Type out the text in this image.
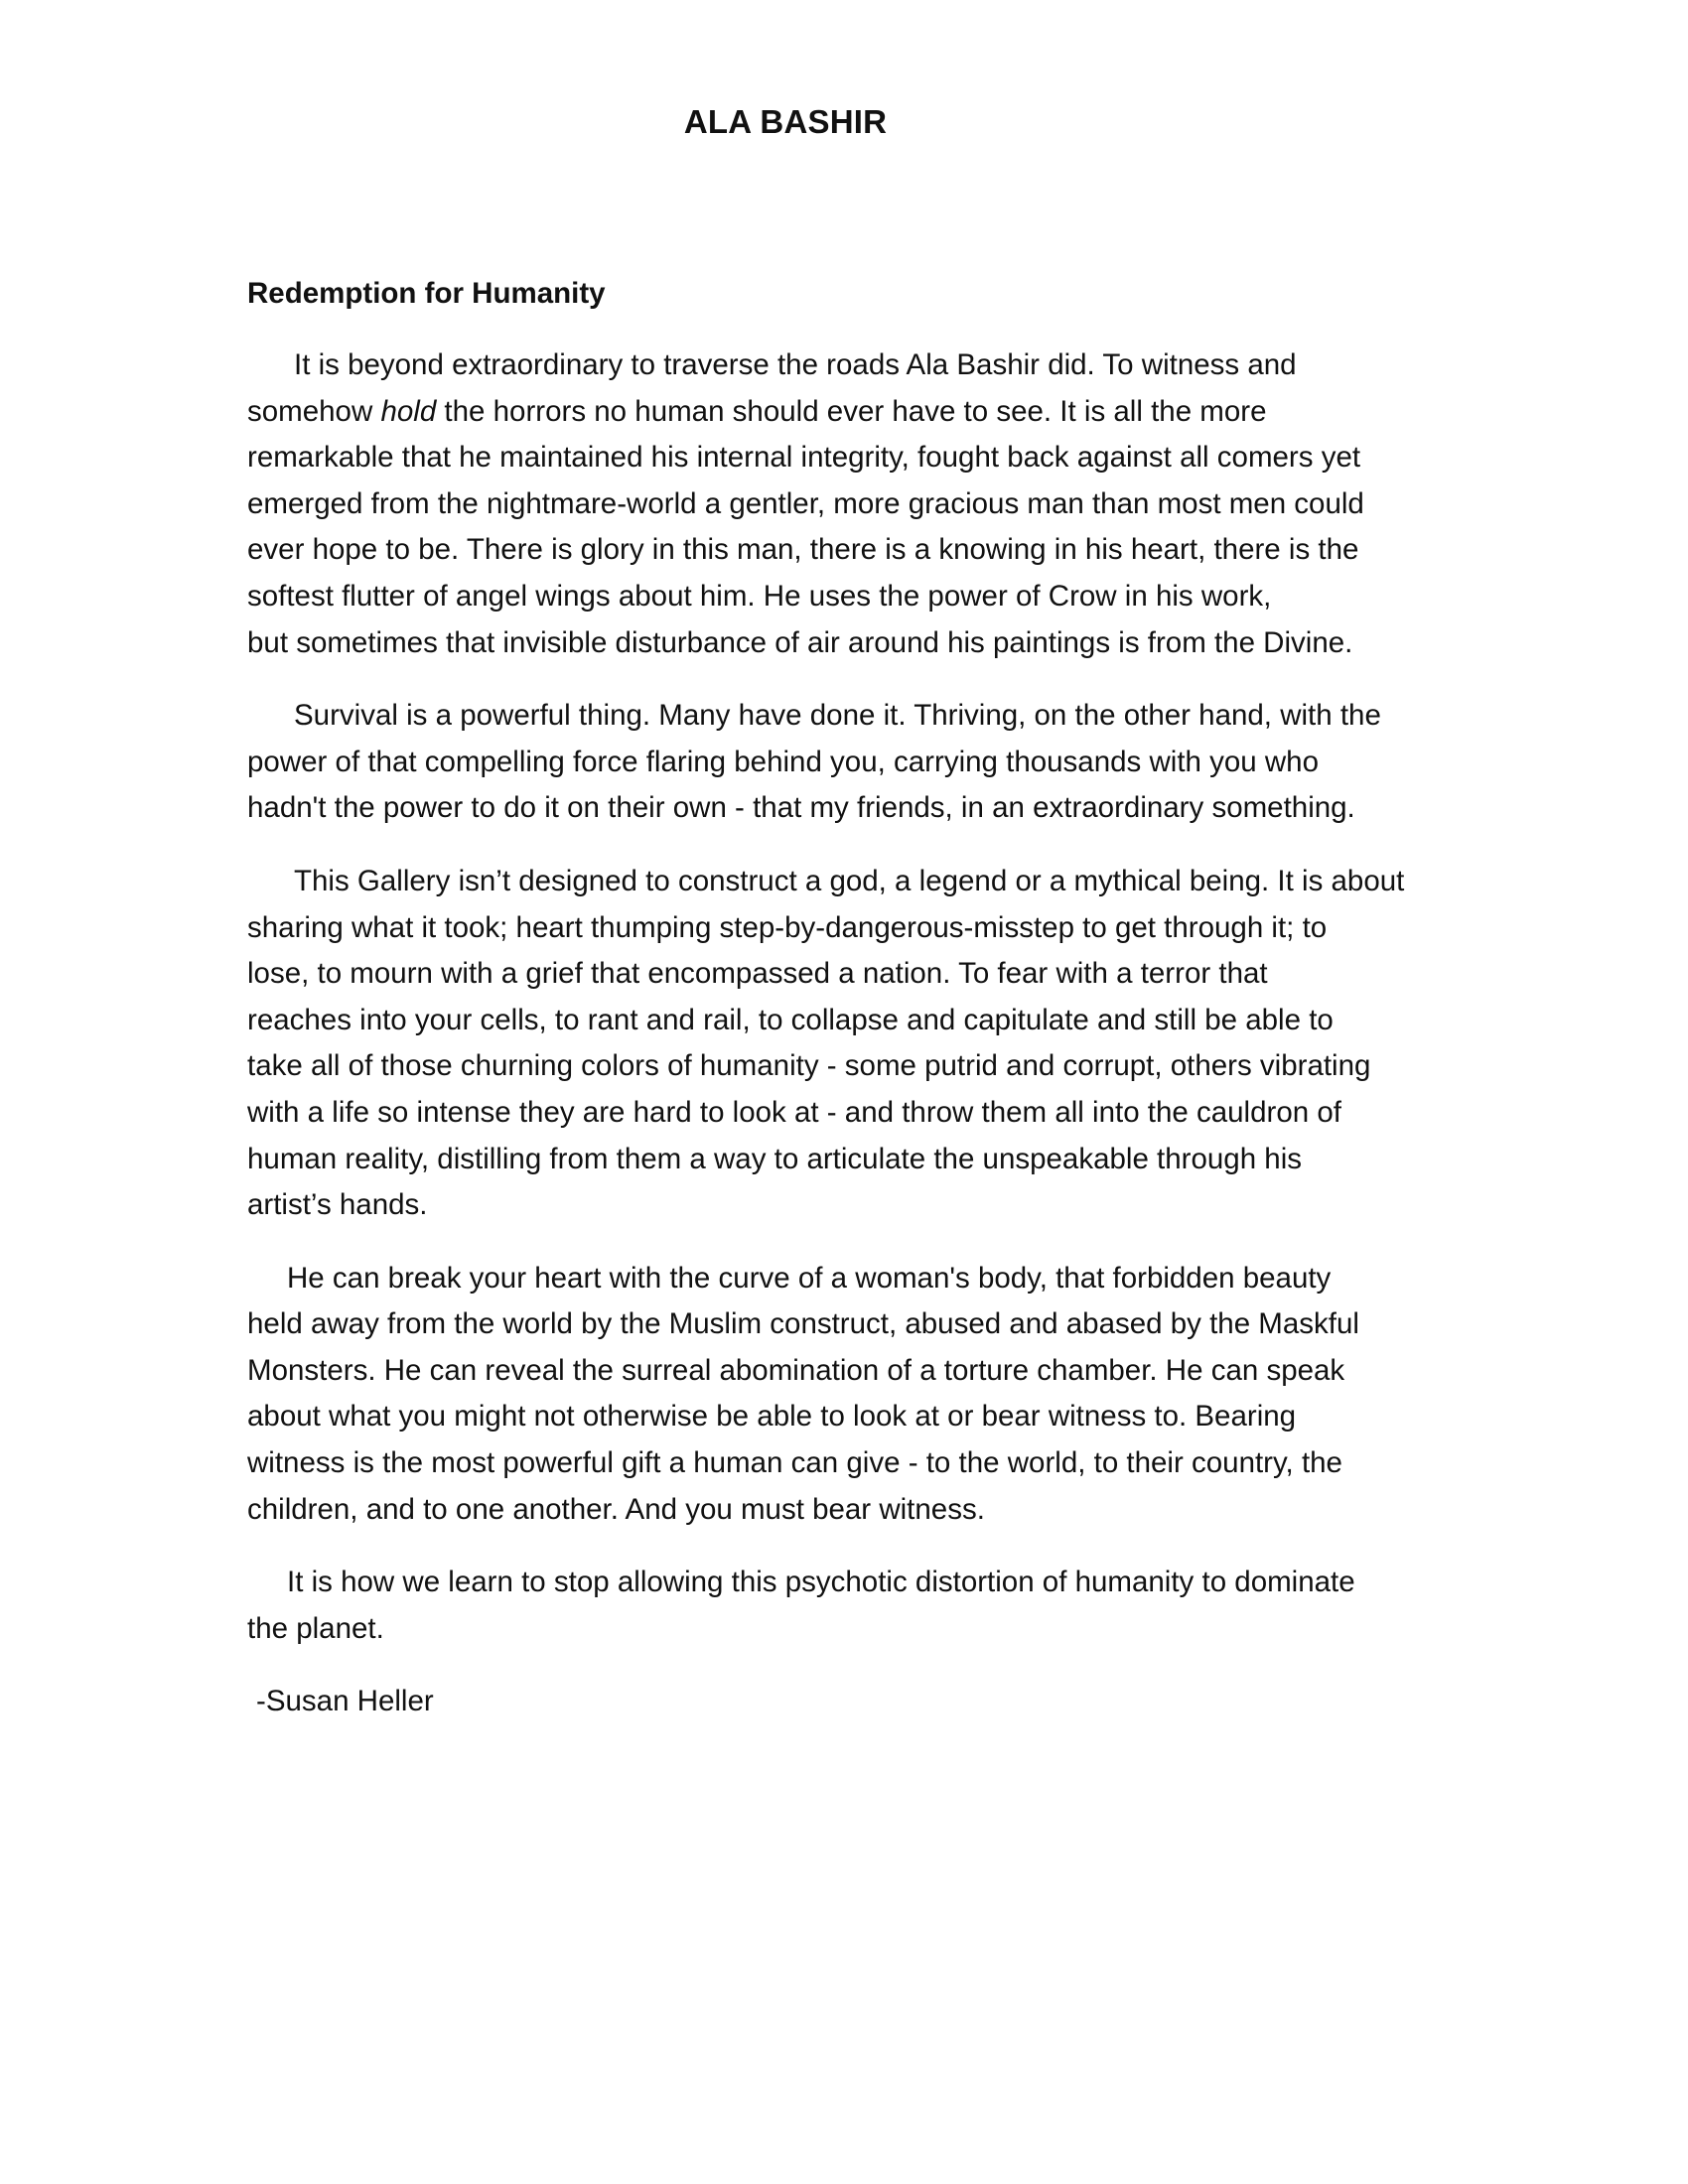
ALA BASHIR

Redemption for Humanity

It is beyond extraordinary to traverse the roads Ala Bashir did. To witness and
somehow hold the horrors no human should ever have to see. It is all the more
remarkable that he maintained his internal integrity, fought back against all comers yet
emerged from the nightmare-world a gentler, more gracious man than most men could
ever hope to be. There is glory in this man, there is a knowing in his heart, there is the
softest flutter of angel wings about him. He uses the power of Crow in his work,
but sometimes that invisible disturbance of air around his paintings is from the Divine.

Survival is a powerful thing. Many have done it. Thriving, on the other hand, with the
power of that compelling force flaring behind you, carrying thousands with you who
hadn't the power to do it on their own - that my friends, in an extraordinary something.

This Gallery isn’t designed to construct a god, a legend or a mythical being. It is about
sharing what it took; heart thumping step-by-dangerous-misstep to get through it; to
lose, to mourn with a grief that encompassed a nation. To fear with a terror that
reaches into your cells, to rant and rail, to collapse and capitulate and still be able to
take all of those churning colors of humanity - some putrid and corrupt, others vibrating
with a life so intense they are hard to look at - and throw them all into the cauldron of
human reality, distilling from them a way to articulate the unspeakable through his
artist’s hands.

He can break your heart with the curve of a woman's body, that forbidden beauty
held away from the world by the Muslim construct, abused and abased by the Maskful
Monsters. He can reveal the surreal abomination of a torture chamber. He can speak
about what you might not otherwise be able to look at or bear witness to. Bearing
witness is the most powerful gift a human can give - to the world, to their country, the
children, and to one another. And you must bear witness.

It is how we learn to stop allowing this psychotic distortion of humanity to dominate
the planet.

-Susan Heller
